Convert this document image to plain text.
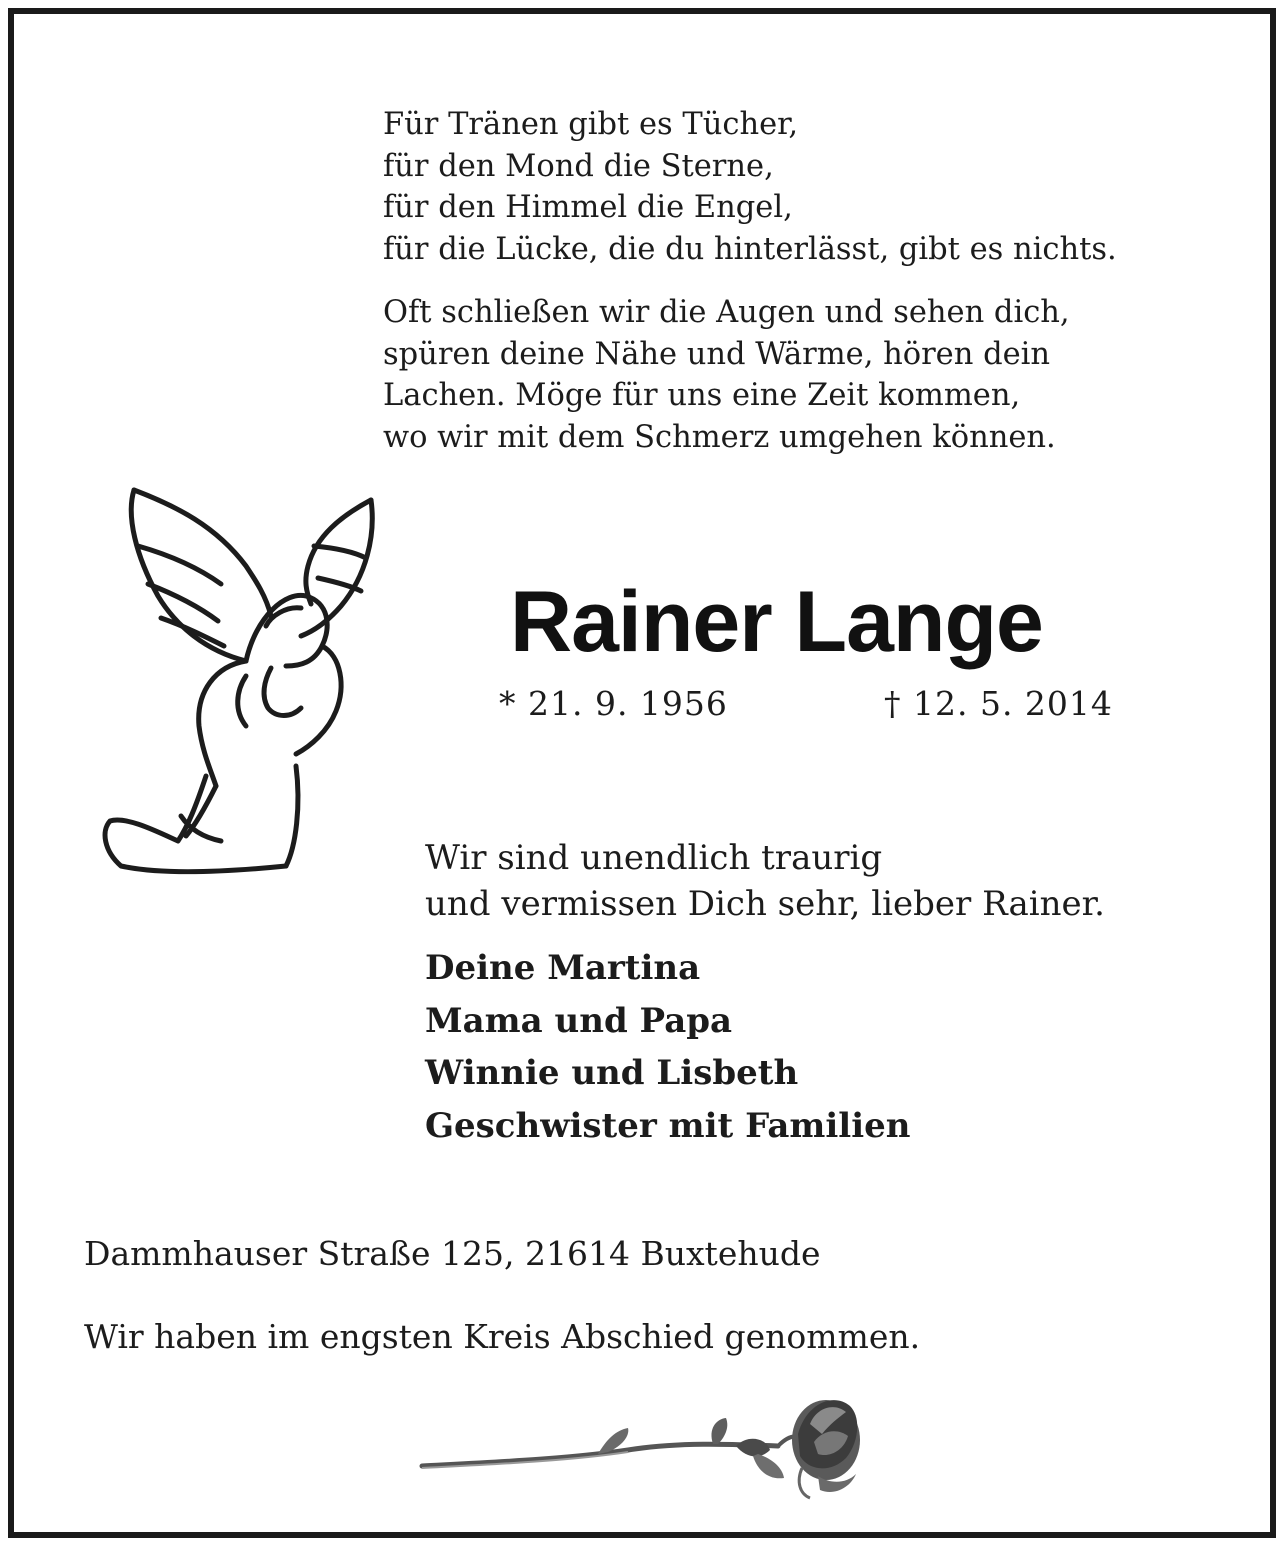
Für Tränen gibt es Tücher,
für den Mond die Sterne,
für den Himmel die Engel,
für die Lücke, die du hinterlässt, gibt es nichts.
Oft schließen wir die Augen und sehen dich,
spüren deine Nähe und Wärme, hören dein
Lachen. Möge für uns eine Zeit kommen,
wo wir mit dem Schmerz umgehen können.
Rainer Lange
* 21. 9. 1956	† 12. 5. 2014
Wir sind unendlich traurig
und vermissen Dich sehr, lieber Rainer.
Deine Martina
Mama und Papa
Winnie und Lisbeth
Geschwister mit Familien
Dammhauser Straße 125, 21614 Buxtehude
Wir haben im engsten Kreis Abschied genommen.
